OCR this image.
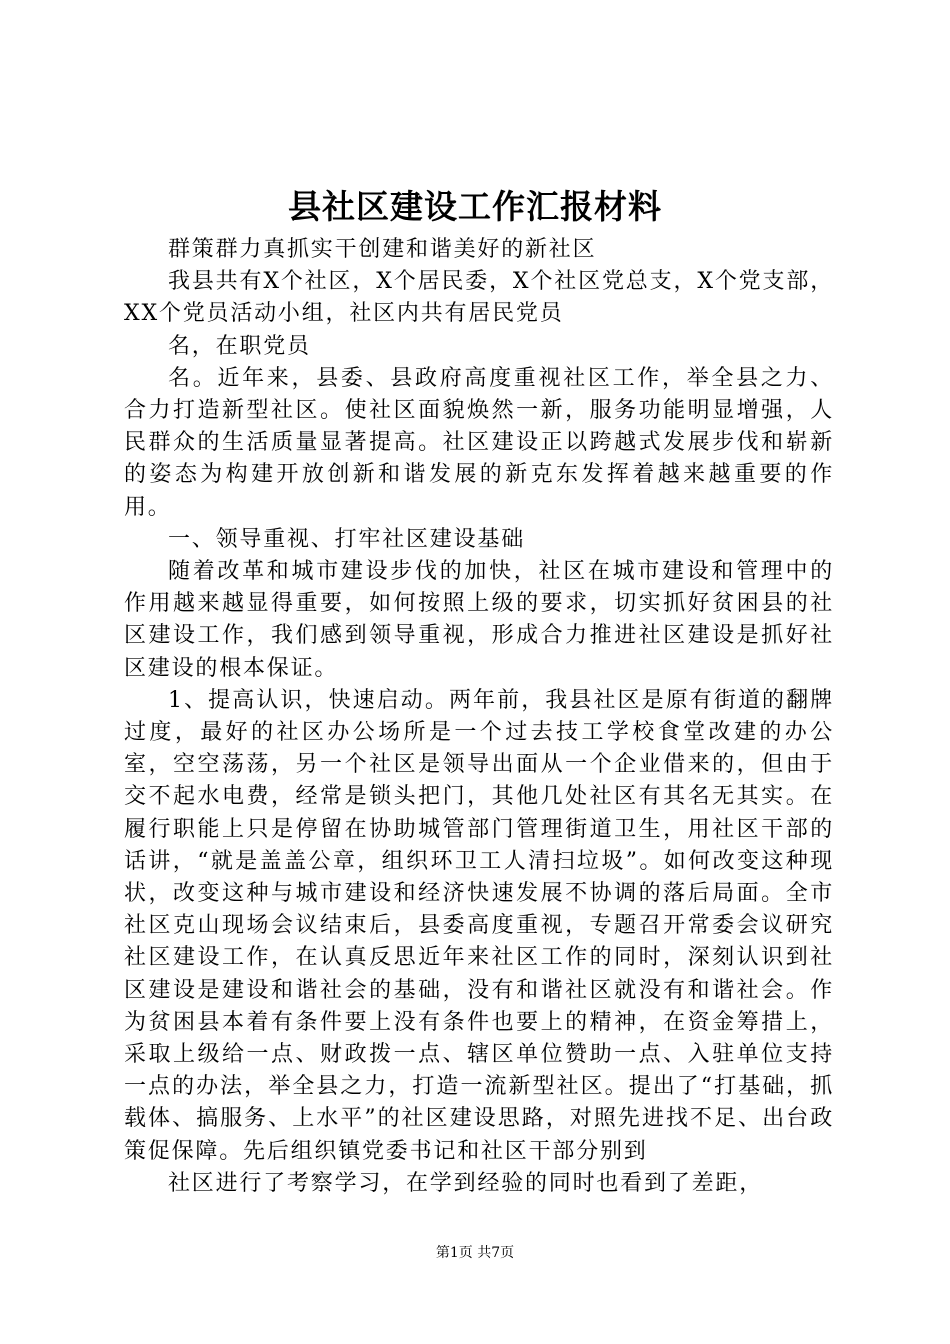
县社区建设工作汇报材料

群策群力真抓实干创建和谐美好的新社区

我县共有X个社区，X个居民委，X个社区党总支，X个党支部，XX个党员活动小组，社区内共有居民党员

名，在职党员

名。近年来，县委、县政府高度重视社区工作，举全县之力、合力打造新型社区。使社区面貌焕然一新，服务功能明显增强，人民群众的生活质量显著提高。社区建设正以跨越式发展步伐和崭新的姿态为构建开放创新和谐发展的新克东发挥着越来越重要的作用。

一、领导重视、打牢社区建设基础

随着改革和城市建设步伐的加快，社区在城市建设和管理中的作用越来越显得重要，如何按照上级的要求，切实抓好贫困县的社区建设工作，我们感到领导重视，形成合力推进社区建设是抓好社区建设的根本保证。

1、提高认识，快速启动。两年前，我县社区是原有街道的翻牌过度，最好的社区办公场所是一个过去技工学校食堂改建的办公室，空空荡荡，另一个社区是领导出面从一个企业借来的，但由于交不起水电费，经常是锁头把门，其他几处社区有其名无其实。在履行职能上只是停留在协助城管部门管理街道卫生，用社区干部的话讲，“就是盖盖公章，组织环卫工人清扫垃圾”。如何改变这种现状，改变这种与城市建设和经济快速发展不协调的落后局面。全市社区克山现场会议结束后，县委高度重视，专题召开常委会议研究社区建设工作，在认真反思近年来社区工作的同时，深刻认识到社区建设是建设和谐社会的基础，没有和谐社区就没有和谐社会。作为贫困县本着有条件要上没有条件也要上的精神，在资金筹措上，采取上级给一点、财政拨一点、辖区单位赞助一点、入驻单位支持一点的办法，举全县之力，打造一流新型社区。提出了“打基础，抓载体、搞服务、上水平”的社区建设思路，对照先进找不足、出台政策促保障。先后组织镇党委书记和社区干部分别到

社区进行了考察学习，在学到经验的同时也看到了差距，

第1页 共7页
